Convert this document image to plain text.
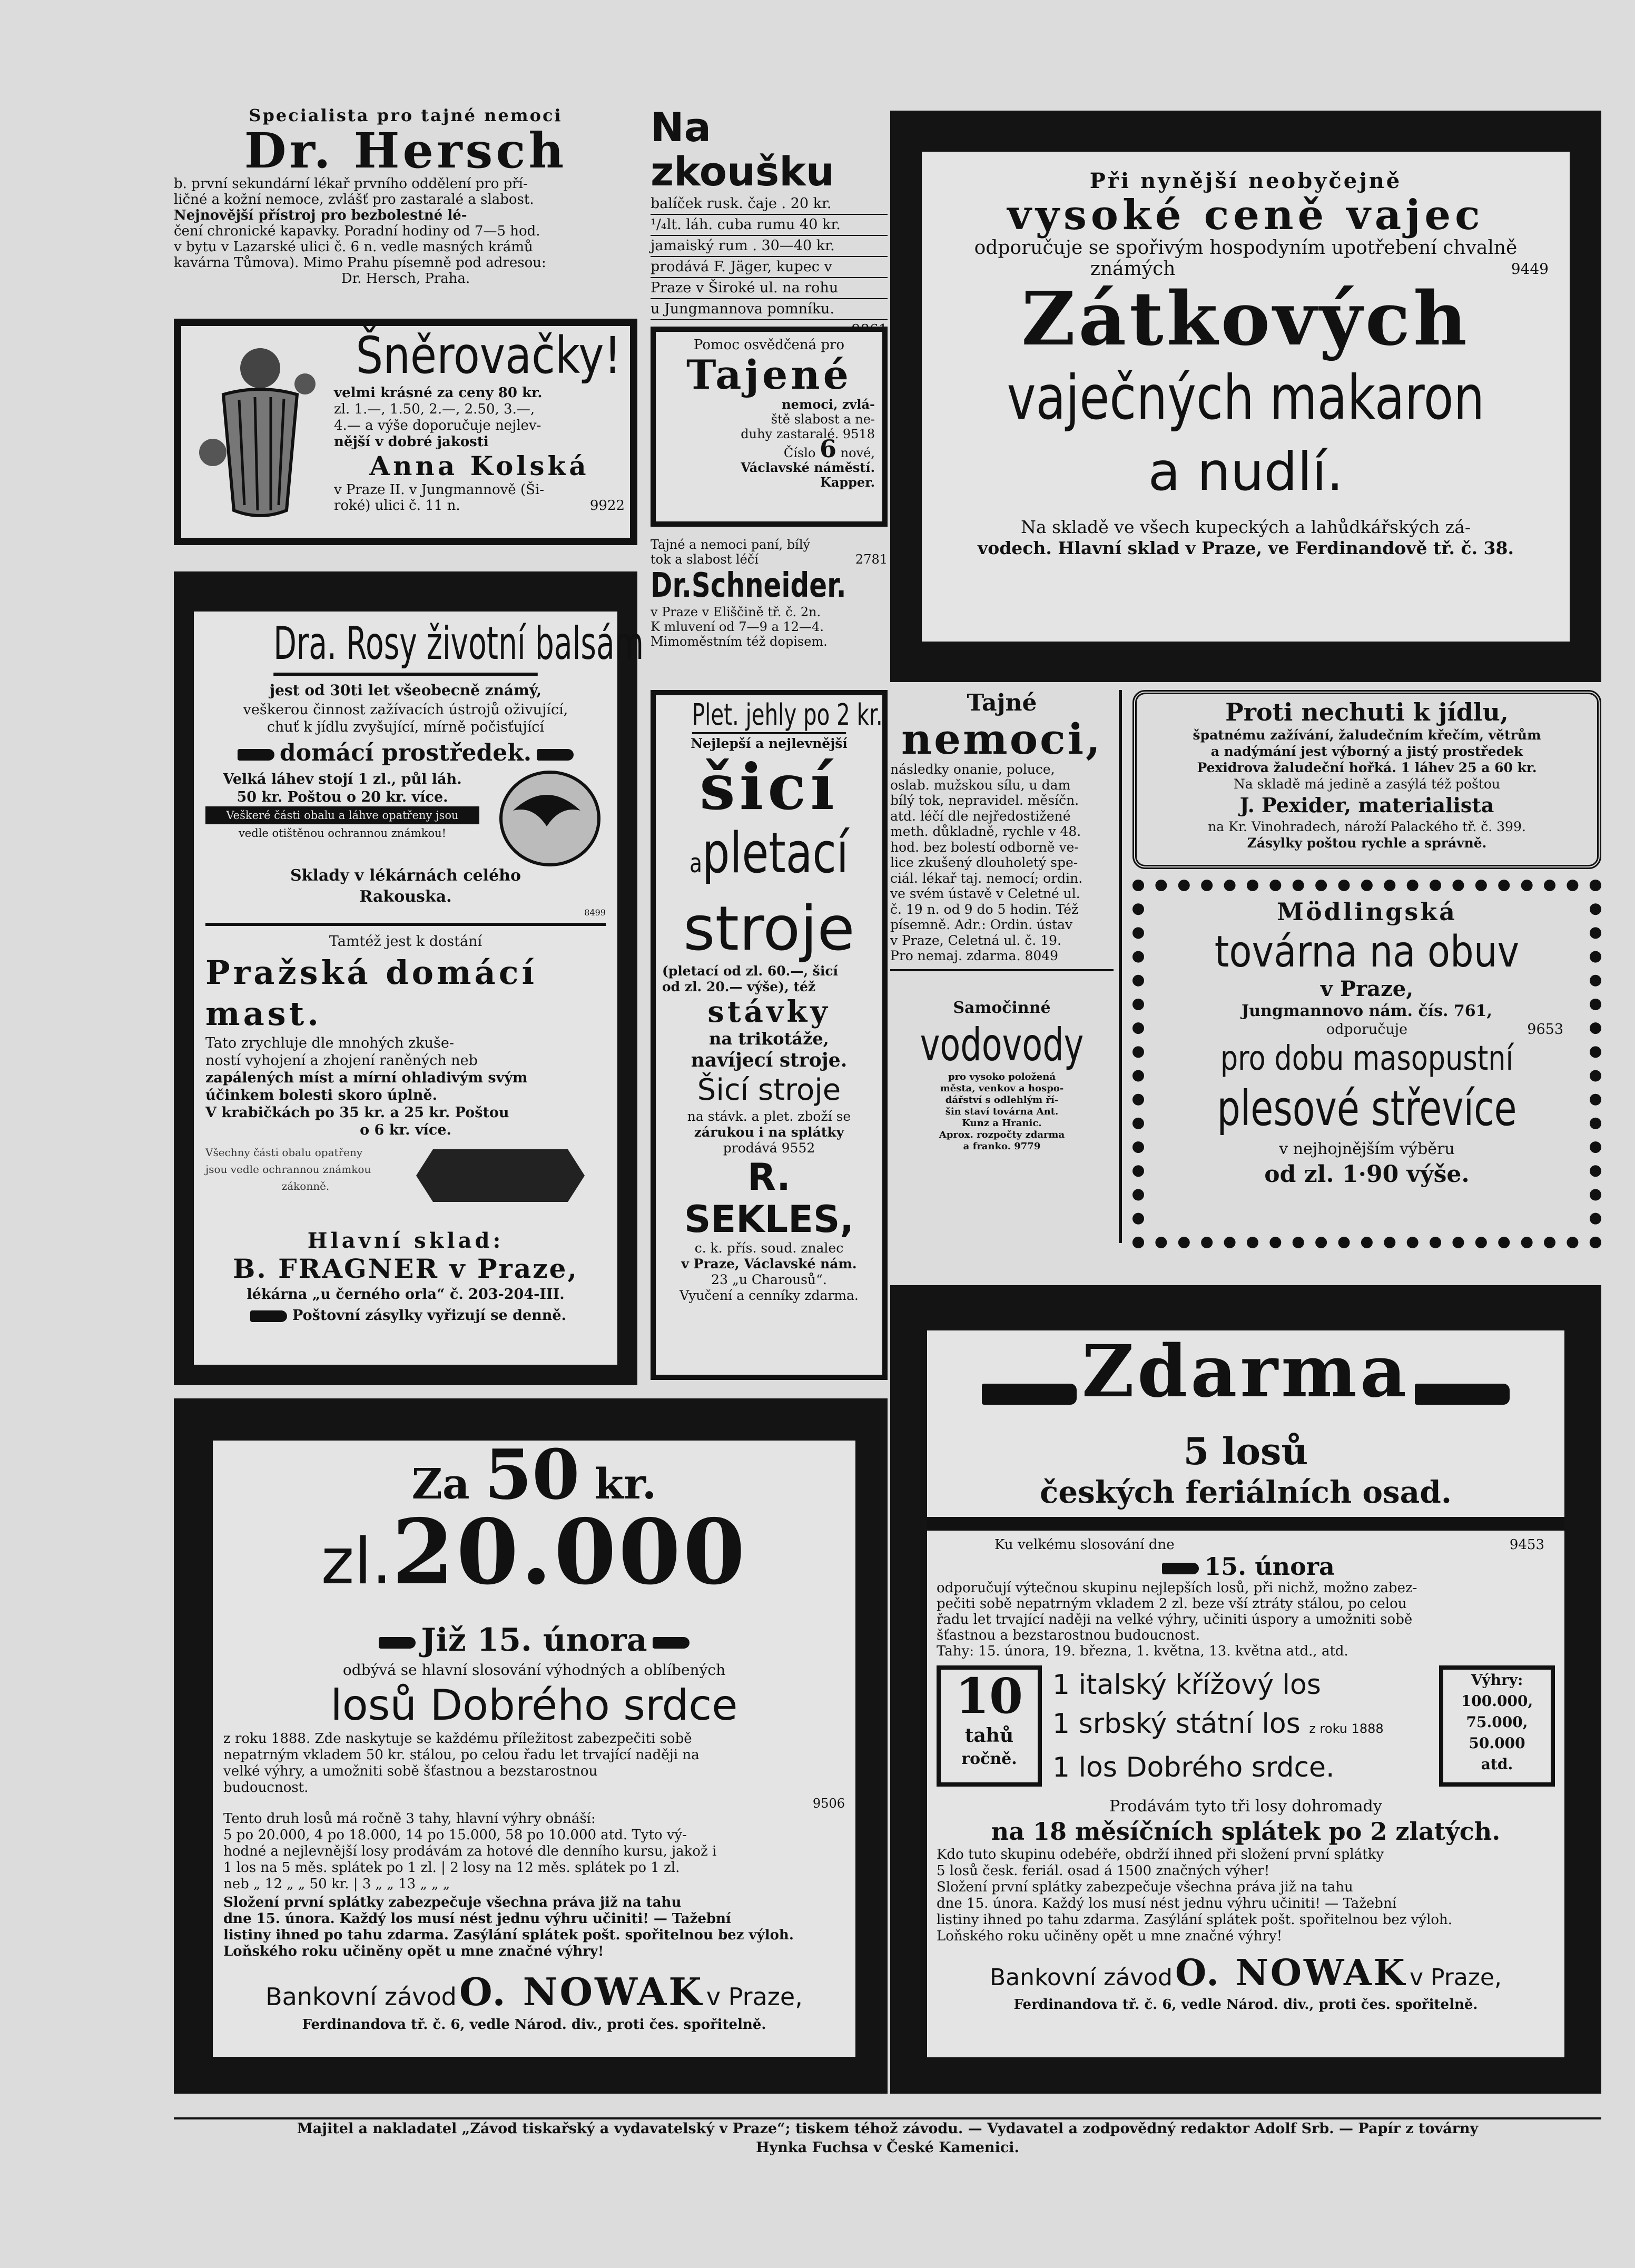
Specialista pro tajné nemoci
Dr. Hersch
b. první sekundární lékař prvního oddělení pro pří-
ličné a kožní nemoce, zvlášť pro zastaralé a slabost.
Nejnovější přístroj pro bezbolestné lé-
čení chronické kapavky. Poradní hodiny od 7—5 hod.
v bytu v Lazarské ulici č. 6 n. vedle masných krámů
kavárna Tůmova). Mimo Prahu písemně pod adresou:
Dr. Hersch, Praha.
Na zkoušku
balíček rusk. čaje . 20 kr.
¹/₄lt. láh. cuba rumu 40 kr.
jamaiský rum . 30—40 kr.
prodává F. Jäger, kupec v
Praze v Široké ul. na rohu
u Jungmannova pomníku.
Při nynější neobyčejně
vysoké ceně vajec
odporučuje se spořivým hospodyním upotřebení chvalně
známých	9449
Zátkových
vaječných makaron
a nudlí.
Na skladě ve všech kupeckých a lahůdkářských zá-
vodech. Hlavní sklad v Praze, ve Ferdinandově tř. č. 38.
Šněrovačky!
velmi krásné za ceny 80 kr.
zl. 1.—, 1.50, 2.—, 2.50, 3.—,
4.— a výše doporučuje nejlev-
nější v dobré jakosti
Anna Kolská
v Praze II. v Jungmannově (Ši-
roké) ulici č. 11 n.	9922
Pomoc osvědčená pro
Tajené
nemoci, zvlá-
ště slabost a ne-
duhy zastaralé. 9518
Číslo 6 nové,
Václavské náměstí.
Kapper.
Tajné a nemoci paní, bílý
tok a slabost léčí	2781
Dr.Schneider.
v Praze v Eliščině tř. č. 2n.
K mluvení od 7—9 a 12—4.
Mimoměstním též dopisem.
Dra. Rosy životní balsám
jest od 30ti let všeobecně známý,
veškerou činnost zažívacích ústrojů oživující,
chuť k jídlu zvyšující, mírně počisťující
domácí prostředek.
Velká láhev stojí 1 zl., půl láh.
50 kr. Poštou o 20 kr. více.
Veškeré části obalu a láhve opatřeny jsou
vedle otištěnou ochrannou známkou!
Sklady v lékárnách celého
Rakouska.
8499
Tamtéž jest k dostání
Pražská domácí mast.
Tato zrychluje dle mnohých zkuše-
ností vyhojení a zhojení raněných neb
zapálených míst a mírní ohladivým svým
účinkem bolesti skoro úplně.
V krabičkách po 35 kr. a 25 kr. Poštou
o 6 kr. více.
Všechny části obalu opatřeny
jsou vedle ochrannou známkou
zákonně.
Hlavní sklad:
B. FRAGNER v Praze,
lékárna „u černého orla“ č. 203-204-III.
Poštovní zásylky vyřizují se denně.
Plet. jehly po 2 kr.
Nejlepší a nejlevnější
šicí
apletací
stroje
(pletací od zl. 60.—, šicí
od zl. 20.— výše), též
stávky
na trikotáže,
navíjecí stroje.
Šicí stroje
na stávk. a plet. zboží se
zárukou i na splátky
prodává 9552
R. SEKLES,
c. k. přís. soud. znalec
v Praze, Václavské nám.
23 „u Charousů“.
Vyučení a cenníky zdarma.
Tajné
nemoci,
následky onanie, poluce,
oslab. mužskou sílu, u dam
bílý tok, nepravidel. měsíčn.
atd. léčí dle nejředostižené
meth. důkladně, rychle v 48.
hod. bez bolestí odborně ve-
lice zkušený dlouholetý spe-
ciál. lékař taj. nemocí; ordin.
ve svém ústavě v Celetné ul.
č. 19 n. od 9 do 5 hodin. Též
písemně. Adr.: Ordin. ústav
v Praze, Celetná ul. č. 19.
Pro nemaj. zdarma. 8049
Samočinné
vodovody
pro vysoko položená
města, venkov a hospo-
dářství s odlehlým ří-
šin staví továrna Ant.
Kunz a Hranic.
Aprox. rozpočty zdarma
a franko. 9779
Proti nechuti k jídlu,
špatnému zažívání, žaludečním křečím, větrům
a nadýmání jest výborný a jistý prostředek
Pexidrova žaludeční hořká. 1 láhev 25 a 60 kr.
Na skladě má jedině a zasýlá též poštou
J. Pexider, materialista
na Kr. Vinohradech, nároží Palackého tř. č. 399.
Zásylky poštou rychle a správně.
Mödlingská
továrna na obuv
v Praze,
Jungmannovo nám. čís. 761,
odporučuje	9653
pro dobu masopustní
plesové střevíce
v nejhojnějším výběru
od zl. 1·90 výše.
Za 50 kr.
zl.20.000
Již 15. února
odbývá se hlavní slosování výhodných a oblíbených
losů Dobrého srdce
z roku 1888. Zde naskytuje se každému příležitost zabezpečiti sobě
nepatrným vkladem 50 kr. stálou, po celou řadu let trvající naději na
velké výhry, a umožniti sobě šťastnou a bezstarostnou
budoucnost.
9506
Tento druh losů má ročně 3 tahy, hlavní výhry obnáší:
5 po 20.000, 4 po 18.000, 14 po 15.000, 58 po 10.000 atd. Tyto vý-
hodné a nejlevnější losy prodávám za hotové dle denního kursu, jakož i
1 los na 5 měs. splátek po 1 zl. | 2 losy na 12 měs. splátek po 1 zl.
neb „ 12 „ „ 50 kr. | 3 „ „ 13 „ „ „
Složení první splátky zabezpečuje všechna práva již na tahu
dne 15. února. Každý los musí nést jednu výhru učiniti! — Tažební
listiny ihned po tahu zdarma. Zasýlání splátek pošt. spořitelnou bez výloh.
Loňského roku učiněny opět u mne značné výhry!
Bankovní závod O. NOWAK v Praze,
Ferdinandova tř. č. 6, vedle Národ. div., proti čes. spořitelně.
Zdarma
5 losů
českých feriálních osad.
Ku velkému slosování dne	9453
15. února
odporučují výtečnou skupinu nejlepších losů, při nichž, možno zabez-
pečiti sobě nepatrným vkladem 2 zl. beze vší ztráty stálou, po celou
řadu let trvající naději na velké výhry, učiniti úspory a umožniti sobě
šťastnou a bezstarostnou budoucnost.
Tahy: 15. února, 19. března, 1. května, 13. května atd., atd.
10
tahů
ročně.
1 italský křížový los
1 srbský státní los z roku 1888
1 los Dobrého srdce.
Výhry:
100.000,
75.000,
50.000
atd.
Prodávám tyto tři losy dohromady
na 18 měsíčních splátek po 2 zlatých.
Kdo tuto skupinu odebéře, obdrží ihned při složení první splátky
5 losů česk. feriál. osad á 1500 značných výher!
Složení první splátky zabezpečuje všechna práva již na tahu
dne 15. února. Každý los musí nést jednu výhru učiniti! — Tažební
listiny ihned po tahu zdarma. Zasýlání splátek pošt. spořitelnou bez výloh.
Loňského roku učiněny opět u mne značné výhry!
Bankovní závod O. NOWAK v Praze,
Ferdinandova tř. č. 6, vedle Národ. div., proti čes. spořitelně.
Majitel a nakladatel „Závod tiskařský a vydavatelský v Praze“; tiskem téhož závodu. — Vydavatel a zodpovědný redaktor Adolf Srb. — Papír z továrny
Hynka Fuchsa v České Kamenici.
